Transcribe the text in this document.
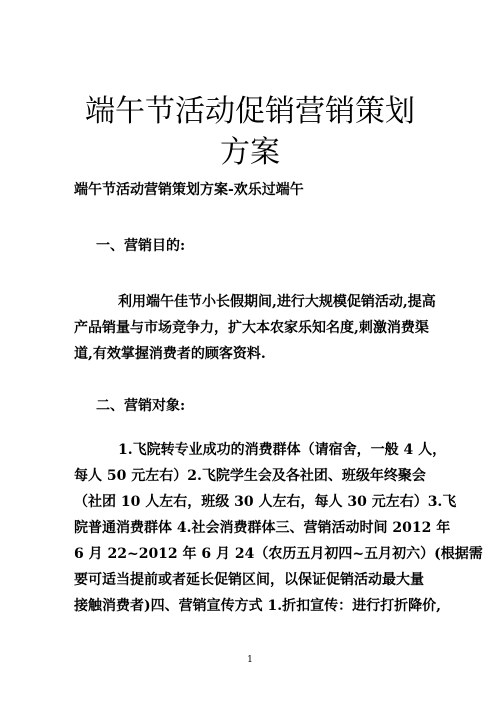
端午节活动促销营销策划
方案

端午节活动营销策划方案-欢乐过端午

一、营销目的:

利用端午佳节小长假期间,进行大规模促销活动,提高

产品销量与市场竞争力，扩大本农家乐知名度,刺激消费渠

道,有效掌握消费者的顾客资料.

二、营销对象:

1.飞院转专业成功的消费群体（请宿舍，一般 4 人，

每人 50 元左右）2.飞院学生会及各社团、班级年终聚会

（社团 10 人左右，班级 30 人左右，每人 30 元左右）3.飞

院普通消费群体 4.社会消费群体三、营销活动时间 2012 年

6 月 22~2012 年 6 月 24（农历五月初四~五月初六）(根据需

要可适当提前或者延长促销区间，以保证促销活动最大量

接触消费者)四、营销宣传方式 1.折扣宣传：进行打折降价,

1
